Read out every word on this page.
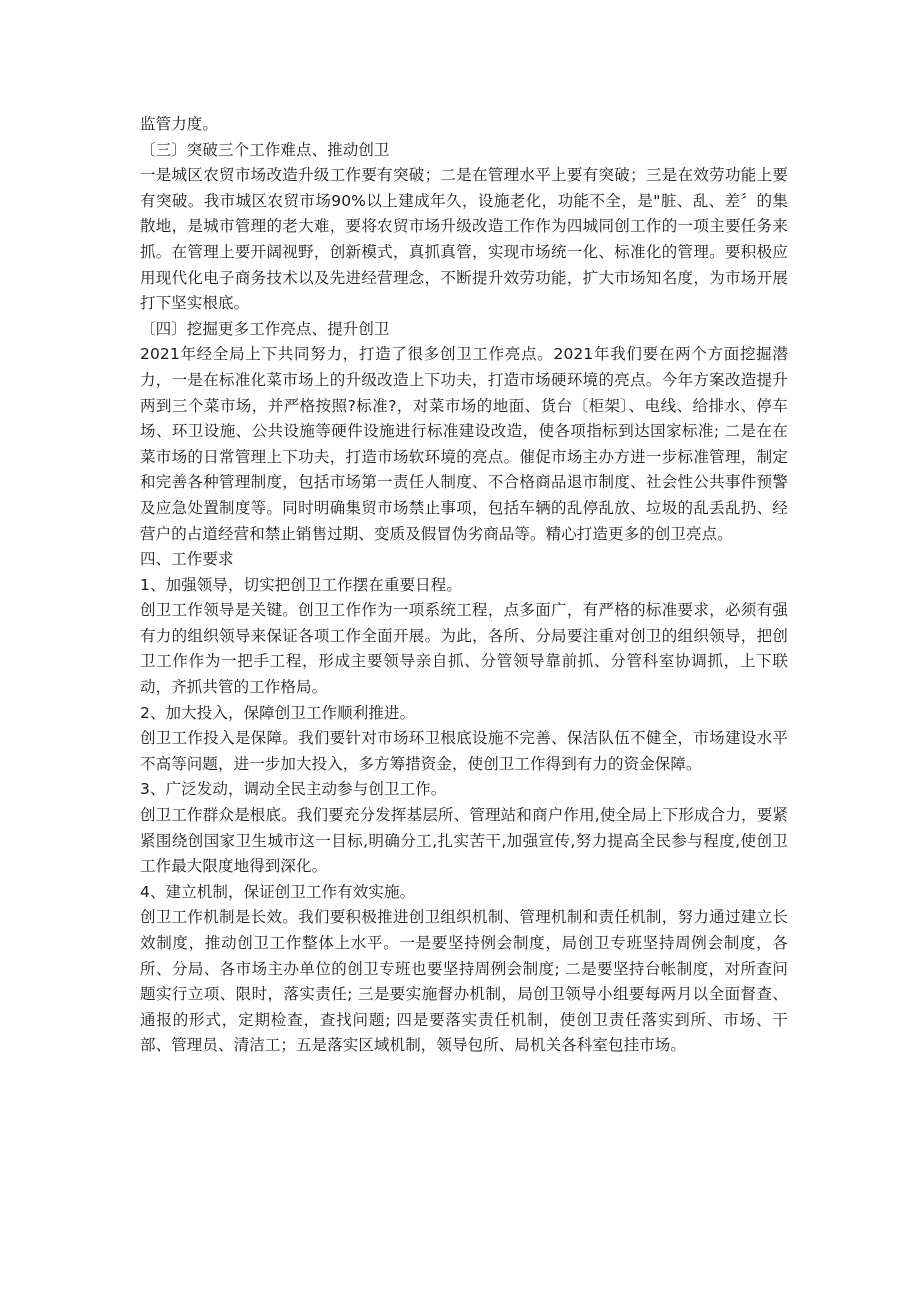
监管力度。

〔三〕突破三个工作难点、推动创卫

一是城区农贸市场改造升级工作要有突破；二是在管理水平上要有突破；三是在效劳功能上要有突破。我市城区农贸市场90%以上建成年久，设施老化，功能不全，是"脏、乱、差〞的集散地，是城市管理的老大难，要将农贸市场升级改造工作作为四城同创工作的一项主要任务来抓。在管理上要开阔视野，创新模式，真抓真管，实现市场统一化、标准化的管理。要积极应用现代化电子商务技术以及先进经营理念，不断提升效劳功能，扩大市场知名度，为市场开展打下坚实根底。

〔四〕挖掘更多工作亮点、提升创卫

2021年经全局上下共同努力，打造了很多创卫工作亮点。2021年我们要在两个方面挖掘潜力，一是在标准化菜市场上的升级改造上下功夫，打造市场硬环境的亮点。今年方案改造提升两到三个菜市场，并严格按照?标准?，对菜市场的地面、货台〔柜架〕、电线、给排水、停车场、环卫设施、公共设施等硬件设施进行标准建设改造，使各项指标到达国家标准; 二是在在菜市场的日常管理上下功夫，打造市场软环境的亮点。催促市场主办方进一步标准管理，制定和完善各种管理制度，包括市场第一责任人制度、不合格商品退市制度、社会性公共事件预警及应急处置制度等。同时明确集贸市场禁止事项，包括车辆的乱停乱放、垃圾的乱丢乱扔、经营户的占道经营和禁止销售过期、变质及假冒伪劣商品等。精心打造更多的创卫亮点。

四、工作要求

1、加强领导，切实把创卫工作摆在重要日程。

创卫工作领导是关键。创卫工作作为一项系统工程，点多面广，有严格的标准要求，必须有强有力的组织领导来保证各项工作全面开展。为此，各所、分局要注重对创卫的组织领导，把创卫工作作为一把手工程，形成主要领导亲自抓、分管领导靠前抓、分管科室协调抓，上下联动，齐抓共管的工作格局。

2、加大投入，保障创卫工作顺利推进。

创卫工作投入是保障。我们要针对市场环卫根底设施不完善、保洁队伍不健全，市场建设水平不高等问题，进一步加大投入，多方筹措资金，使创卫工作得到有力的资金保障。

3、广泛发动，调动全民主动参与创卫工作。

创卫工作群众是根底。我们要充分发挥基层所、管理站和商户作用,使全局上下形成合力，要紧紧围绕创国家卫生城市这一目标,明确分工,扎实苦干,加强宣传,努力提高全民参与程度,使创卫工作最大限度地得到深化。

4、建立机制，保证创卫工作有效实施。

创卫工作机制是长效。我们要积极推进创卫组织机制、管理机制和责任机制，努力通过建立长效制度，推动创卫工作整体上水平。一是要坚持例会制度，局创卫专班坚持周例会制度，各所、分局、各市场主办单位的创卫专班也要坚持周例会制度; 二是要坚持台帐制度，对所查问题实行立项、限时，落实责任; 三是要实施督办机制，局创卫领导小组要每两月以全面督查、通报的形式，定期检查，查找问题; 四是要落实责任机制，使创卫责任落实到所、市场、干部、管理员、清洁工；五是落实区域机制，领导包所、局机关各科室包挂市场。
